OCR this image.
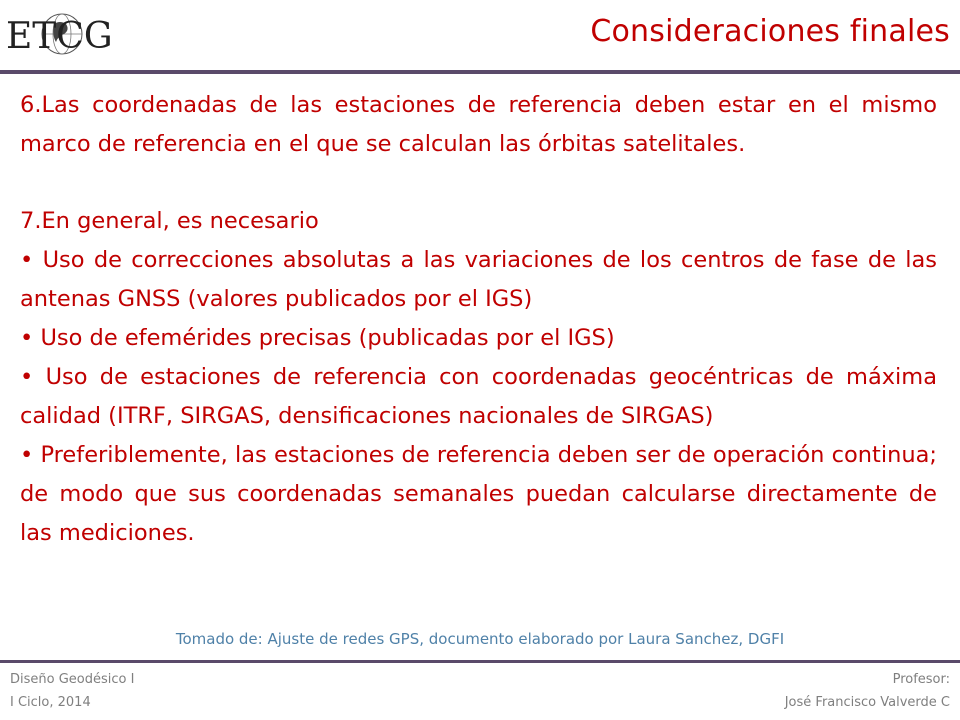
ETCG	Consideraciones finales

6.Las coordenadas de las estaciones de referencia deben estar en el mismo marco de referencia en el que se calculan las órbitas satelitales.

7.En general, es necesario

• Uso de correcciones absolutas a las variaciones de los centros de fase de las antenas GNSS (valores publicados por el IGS)

• Uso de efemérides precisas (publicadas por el IGS)

• Uso de estaciones de referencia con coordenadas geocéntricas de máxima calidad (ITRF, SIRGAS, densificaciones nacionales de SIRGAS)

• Preferiblemente, las estaciones de referencia deben ser de operación continua; de modo que sus coordenadas semanales puedan calcularse directamente de las mediciones.

Tomado de: Ajuste de redes GPS, documento elaborado por Laura Sanchez, DGFI
Diseño Geodésico I
I Ciclo, 2014
Profesor:
José Francisco Valverde C
